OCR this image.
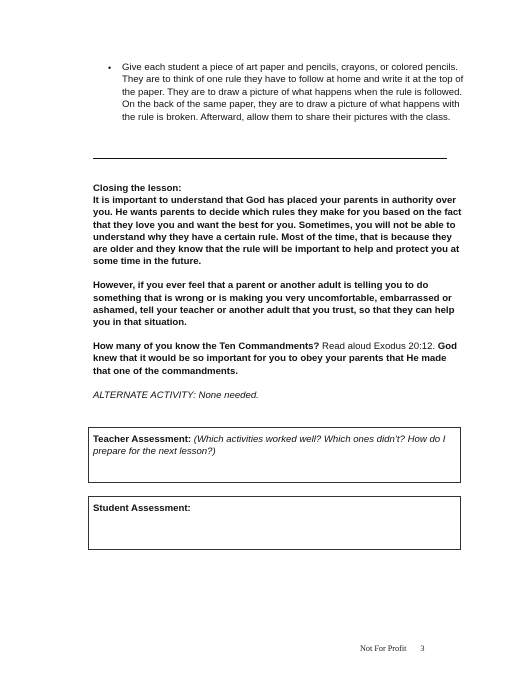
•	Give each student a piece of art paper and pencils, crayons, or colored pencils. They are to think of one rule they have to follow at home and write it at the top of the paper. They are to draw a picture of what happens when the rule is followed. On the back of the same paper, they are to draw a picture of what happens with the rule is broken. Afterward, allow them to share their pictures with the class.

Closing the lesson:
It is important to understand that God has placed your parents in authority over you. He wants parents to decide which rules they make for you based on the fact that they love you and want the best for you. Sometimes, you will not be able to understand why they have a certain rule. Most of the time, that is because they are older and they know that the rule will be important to help and protect you at some time in the future.

However, if you ever feel that a parent or another adult is telling you to do something that is wrong or is making you very uncomfortable, embarrassed or ashamed, tell your teacher or another adult that you trust, so that they can help you in that situation.

How many of you know the Ten Commandments? Read aloud Exodus 20:12. God knew that it would be so important for you to obey your parents that He made that one of the commandments.

ALTERNATE ACTIVITY: None needed.

Teacher Assessment: (Which activities worked well? Which ones didn’t? How do I prepare for the next lesson?)
Student Assessment:
Not For Profit 3
